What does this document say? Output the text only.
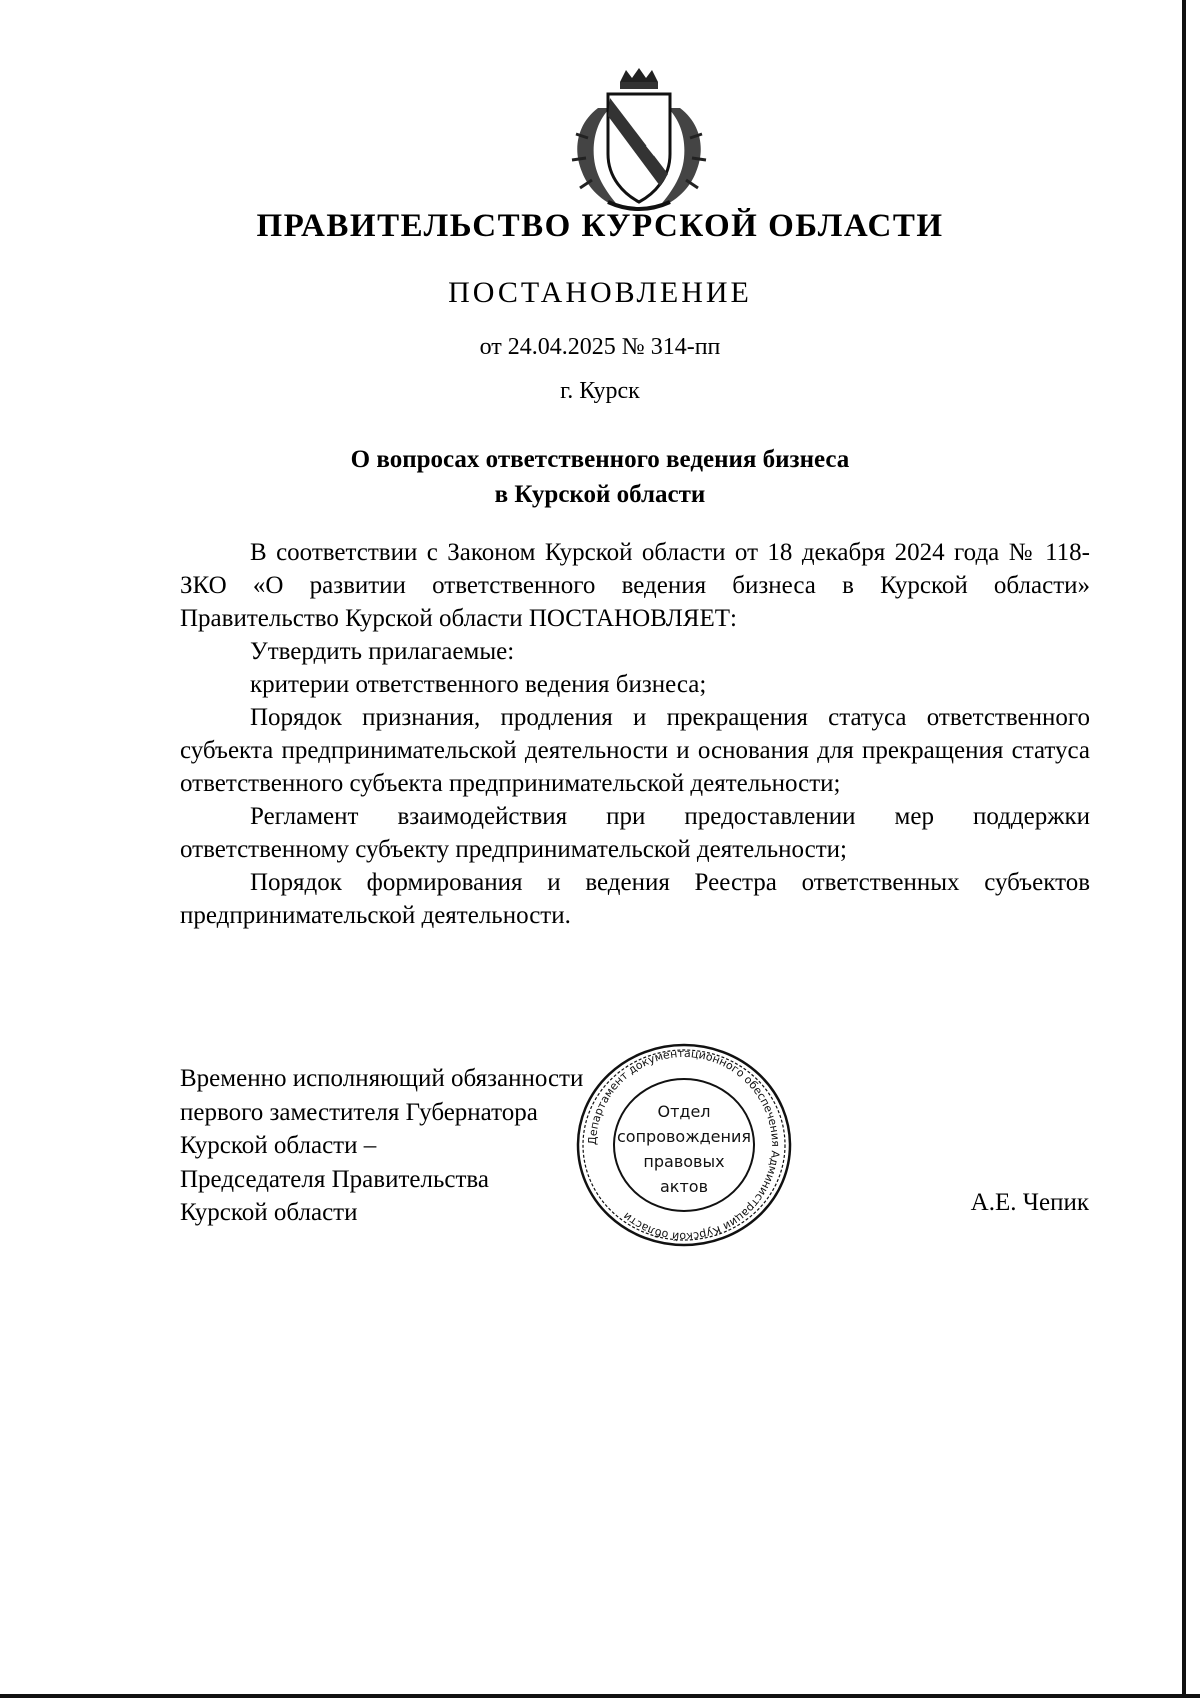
ПРАВИТЕЛЬСТВО КУРСКОЙ ОБЛАСТИ
ПОСТАНОВЛЕНИЕ
от 24.04.2025 № 314-пп
г. Курск
О вопросах ответственного ведения бизнеса
в Курской области

В соответствии с Законом Курской области от 18 декабря 2024 года № 118-ЗКО «О развитии ответственного ведения бизнеса в Курской области» Правительство Курской области ПОСТАНОВЛЯЕТ:

Утвердить прилагаемые:

критерии ответственного ведения бизнеса;

Порядок признания, продления и прекращения статуса ответственного субъекта предпринимательской деятельности и основания для прекращения статуса ответственного субъекта предпринимательской деятельности;

Регламент взаимодействия при предоставлении мер поддержки ответственному субъекту предпринимательской деятельности;

Порядок формирования и ведения Реестра ответственных субъектов предпринимательской деятельности.

Временно исполняющий обязанности
первого заместителя Губернатора
Курской области –
Председателя Правительства
Курской области	А.Е. Чепик
Департамент документационного обеспечения Администрации Курской области
Отдел
сопровождения
правовых
актов
